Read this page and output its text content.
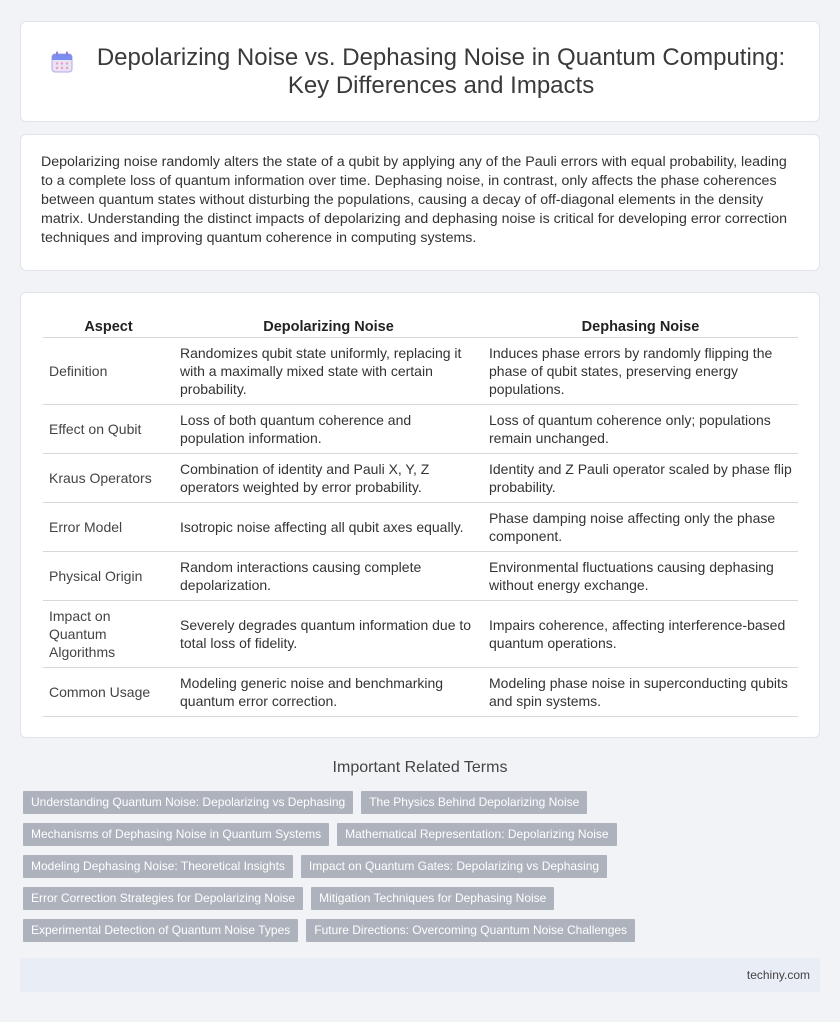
Depolarizing Noise vs. Dephasing Noise in Quantum Computing: Key Differences and Impacts

Depolarizing noise randomly alters the state of a qubit by applying any of the Pauli errors with equal probability, leading to a complete loss of quantum information over time. Dephasing noise, in contrast, only affects the phase coherences between quantum states without disturbing the populations, causing a decay of off-diagonal elements in the density matrix. Understanding the distinct impacts of depolarizing and dephasing noise is critical for developing error correction techniques and improving quantum coherence in computing systems.

Aspect	Depolarizing Noise	Dephasing Noise
Definition	Randomizes qubit state uniformly, replacing it with a maximally mixed state with certain probability.	Induces phase errors by randomly flipping the phase of qubit states, preserving energy populations.
Effect on Qubit	Loss of both quantum coherence and population information.	Loss of quantum coherence only; populations remain unchanged.
Kraus Operators	Combination of identity and Pauli X, Y, Z operators weighted by error probability.	Identity and Z Pauli operator scaled by phase flip probability.
Error Model	Isotropic noise affecting all qubit axes equally.	Phase damping noise affecting only the phase component.
Physical Origin	Random interactions causing complete depolarization.	Environmental fluctuations causing dephasing without energy exchange.
Impact on Quantum Algorithms	Severely degrades quantum information due to total loss of fidelity.	Impairs coherence, affecting interference-based quantum operations.
Common Usage	Modeling generic noise and benchmarking quantum error correction.	Modeling phase noise in superconducting qubits and spin systems.
Important Related Terms
Understanding Quantum Noise: Depolarizing vs Dephasing	The Physics Behind Depolarizing Noise
Mechanisms of Dephasing Noise in Quantum Systems	Mathematical Representation: Depolarizing Noise
Modeling Dephasing Noise: Theoretical Insights	Impact on Quantum Gates: Depolarizing vs Dephasing
Error Correction Strategies for Depolarizing Noise	Mitigation Techniques for Dephasing Noise
Experimental Detection of Quantum Noise Types	Future Directions: Overcoming Quantum Noise Challenges
techiny.com
